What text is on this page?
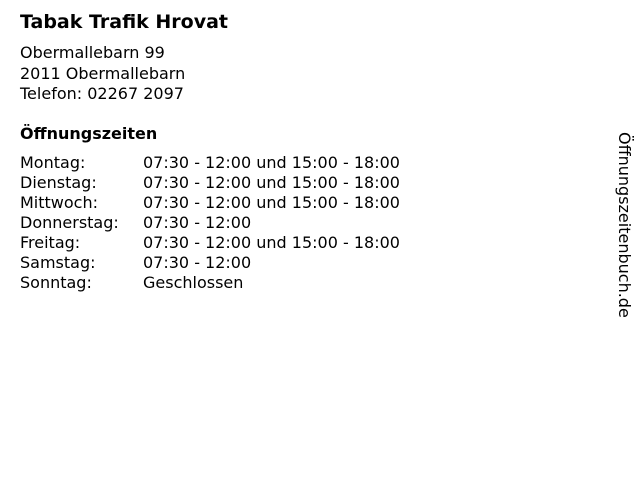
Tabak Trafik Hrovat
Obermallebarn 99
2011 Obermallebarn
Telefon: 02267 2097
Öffnungszeiten
Montag:	07:30 - 12:00 und 15:00 - 18:00
Dienstag:	07:30 - 12:00 und 15:00 - 18:00
Mittwoch:	07:30 - 12:00 und 15:00 - 18:00
Donnerstag: 07:30 - 12:00
Freitag:	07:30 - 12:00 und 15:00 - 18:00
Samstag:	07:30 - 12:00
Sonntag:	Geschlossen	Öffnungszeitenbuch.de
